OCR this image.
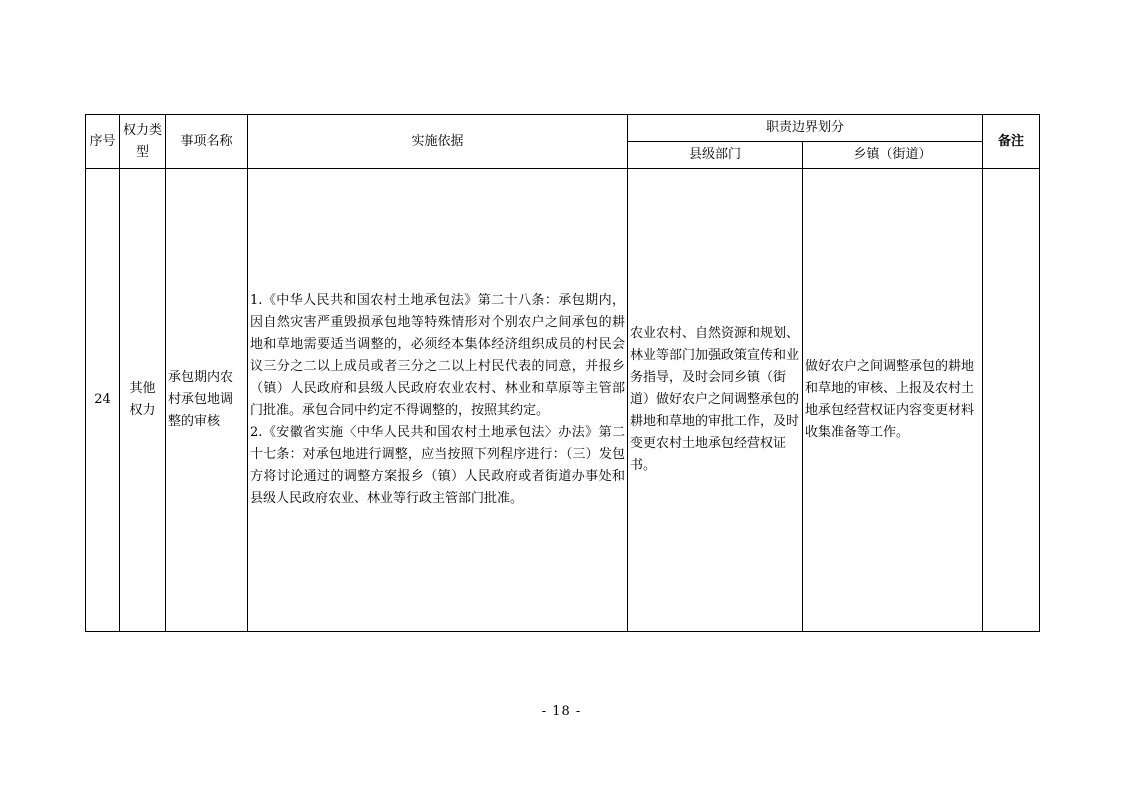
序号	权力类型	事项名称	实施依据	职责边界划分		备注
				县级部门	乡镇（街道）	
24	其他权力	承包期内农村承包地调整的审核	1.《中华人民共和国农村土地承包法》第二十八条：承包期内，因自然灾害严重毁损承包地等特殊情形对个别农户之间承包的耕地和草地需要适当调整的，必须经本集体经济组织成员的村民会议三分之二以上成员或者三分之二以上村民代表的同意，并报乡（镇）人民政府和县级人民政府农业农村、林业和草原等主管部门批准。承包合同中约定不得调整的，按照其约定。

2.《安徽省实施〈中华人民共和国农村土地承包法〉办法》第二十七条：对承包地进行调整，应当按照下列程序进行：（三）发包方将讨论通过的调整方案报乡（镇）人民政府或者街道办事处和县级人民政府农业、林业等行政主管部门批准。	农业农村、自然资源和规划、林业等部门加强政策宣传和业务指导，及时会同乡镇（街道）做好农户之间调整承包的耕地和草地的审批工作，及时变更农村土地承包经营权证书。	做好农户之间调整承包的耕地和草地的审核、上报及农村土地承包经营权证内容变更材料收集准备等工作。	

- 18 -
